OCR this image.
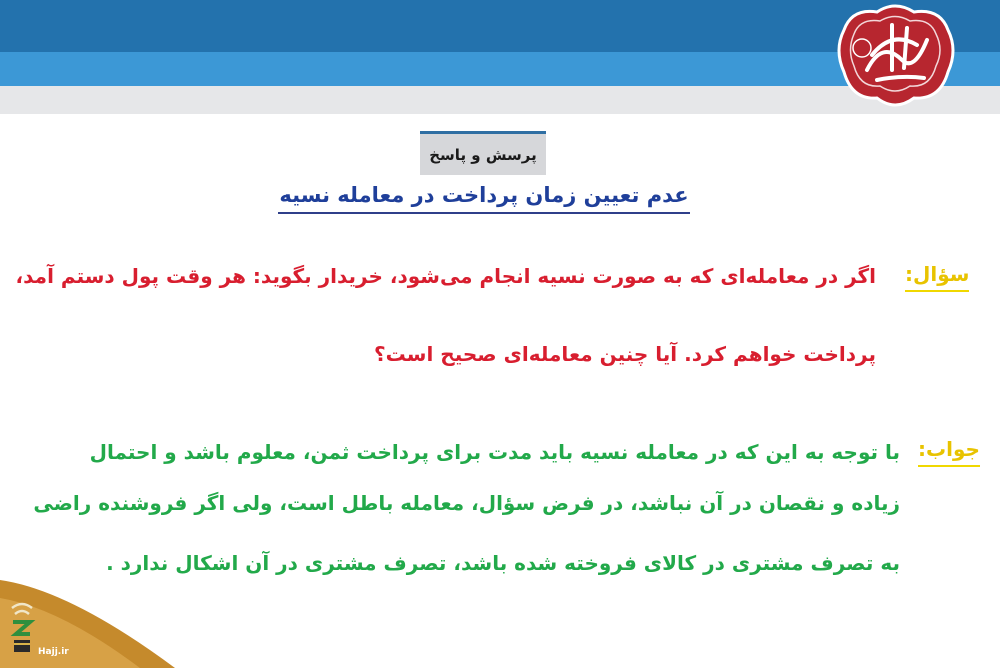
پرسش و پاسخ
عدم تعیین زمان پرداخت در معامله نسیه
سؤال:
اگر در معامله‌ای که به صورت نسیه انجام می‌شود، خریدار بگوید: هر وقت پول دستم آمد،
پرداخت خواهم کرد. آیا چنین معامله‌ای صحیح است؟
جواب:
با توجه به این که در معامله نسیه باید مدت برای پرداخت ثمن، معلوم باشد و احتمال
زیاده و نقصان در آن نباشد، در فرض سؤال، معامله باطل است، ولی اگر فروشنده راضی
به تصرف مشتری در کالای فروخته شده باشد، تصرف مشتری در آن اشکال ندارد .
Hajj.ir
